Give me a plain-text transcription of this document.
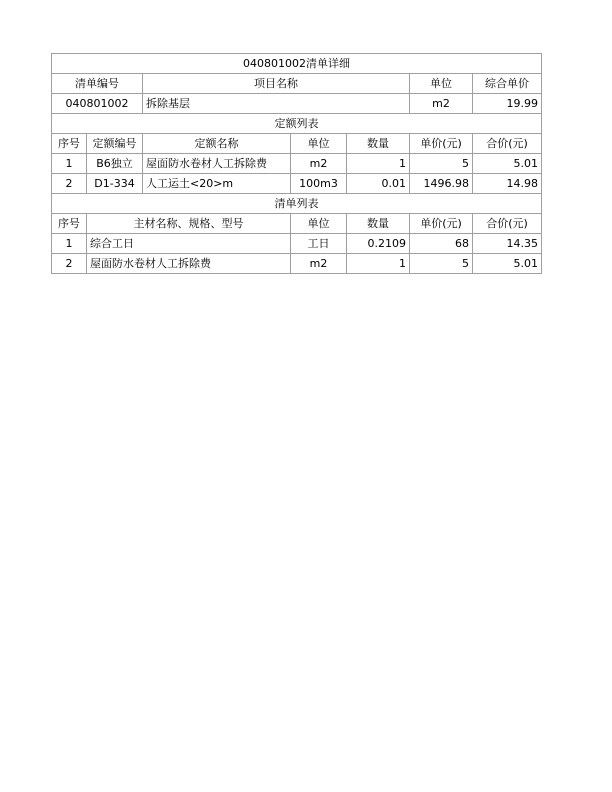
040801002清单详细						
清单编号		项目名称			单位	综合单价
040801002		拆除基层			m2	19.99
定额列表						
序号	定额编号	定额名称	单位	数量	单价(元)	合价(元)
1	B6独立	屋面防水卷材人工拆除费	m2	1	5	5.01
2	D1-334	人工运土<20>m	100m3	0.01	1496.98	14.98
清单列表						
序号	主材名称、规格、型号		单位	数量	单价(元)	合价(元)
1	综合工日		工日	0.2109	68	14.35
2	屋面防水卷材人工拆除费		m2	1	5	5.01
